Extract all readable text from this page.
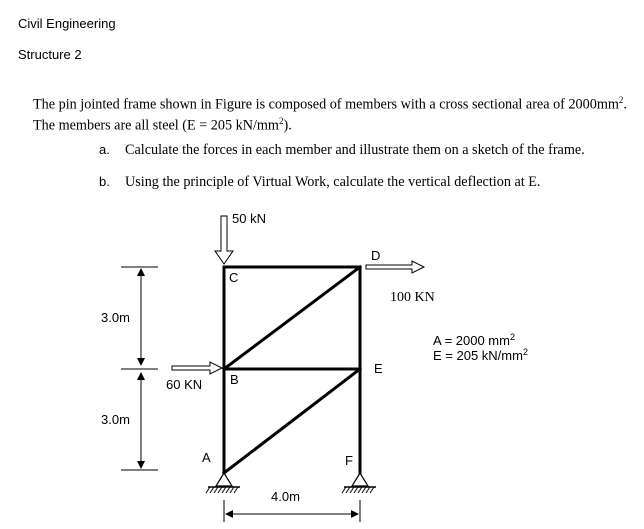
Civil Engineering
Structure 2
The pin jointed frame shown in Figure is composed of members with a cross sectional area of $2000mm^2$. The members are all steel (E = 205 $kN/mm^2$).
a. Calculate the forces in each member and illustrate them on a sketch of the frame.
b. Using the principle of Virtual Work, calculate the vertical deflection at E.
50 kN
100 KN
60 KN
3.0m
3.0m
4.0m
C
B
A
D
E
F
A = 2000 $mm^2$
E = 205 $kN/mm^2$
